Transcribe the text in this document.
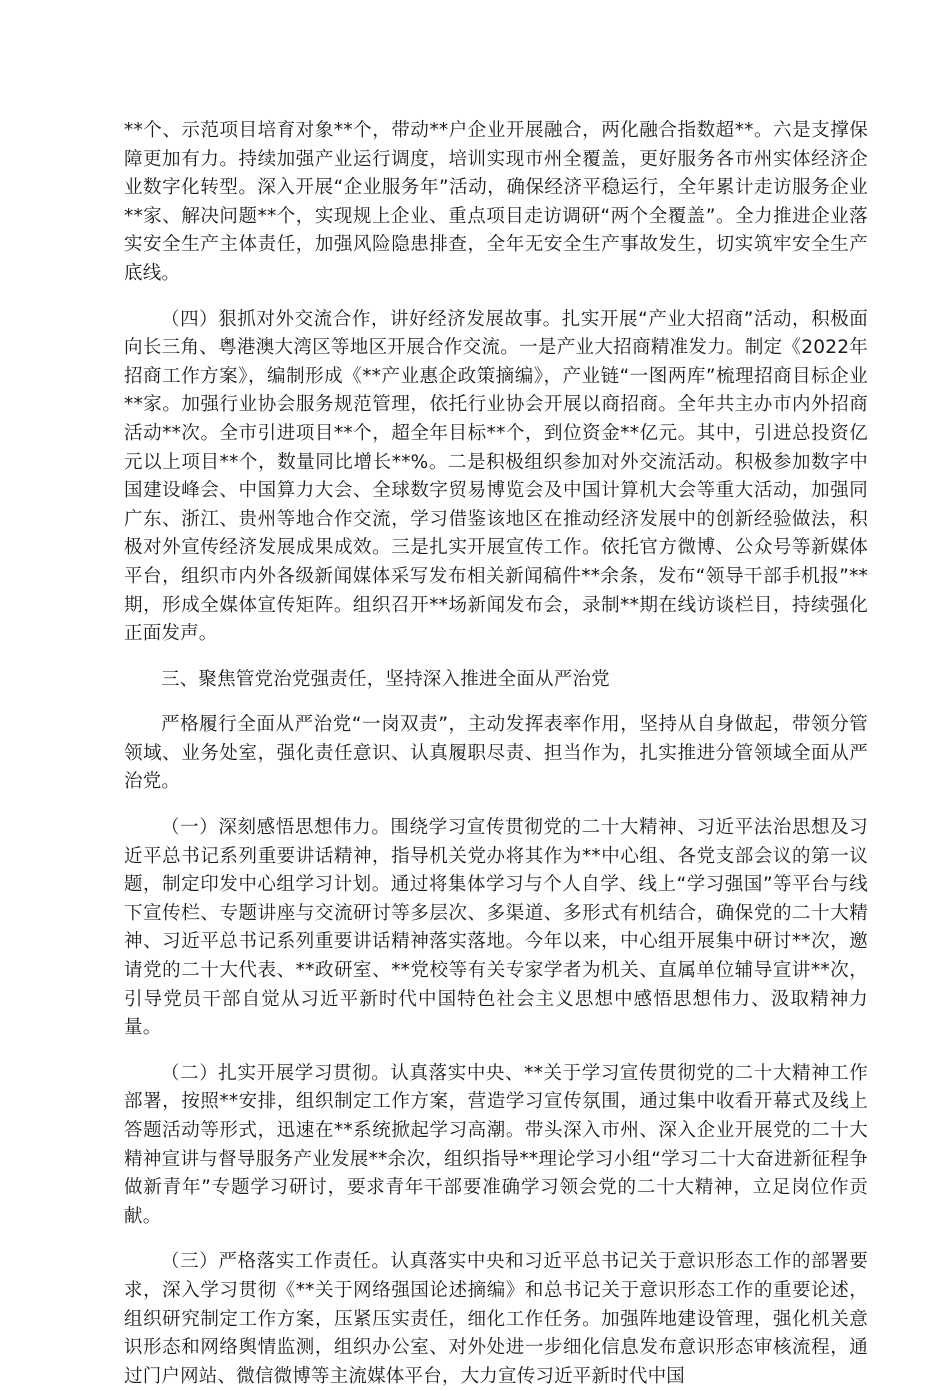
**个、示范项目培育对象**个，带动**户企业开展融合，两化融合指数超**。六是支撑保障更加有力。持续加强产业运行调度，培训实现市州全覆盖，更好服务各市州实体经济企业数字化转型。深入开展“企业服务年”活动，确保经济平稳运行，全年累计走访服务企业**家、解决问题**个，实现规上企业、重点项目走访调研“两个全覆盖”。全力推进企业落实安全生产主体责任，加强风险隐患排查，全年无安全生产事故发生，切实筑牢安全生产底线。

（四）狠抓对外交流合作，讲好经济发展故事。扎实开展“产业大招商”活动，积极面向长三角、粤港澳大湾区等地区开展合作交流。一是产业大招商精准发力。制定《2022年招商工作方案》，编制形成《**产业惠企政策摘编》，产业链“一图两库”梳理招商目标企业**家。加强行业协会服务规范管理，依托行业协会开展以商招商。全年共主办市内外招商活动**次。全市引进项目**个，超全年目标**个，到位资金**亿元。其中，引进总投资亿元以上项目**个，数量同比增长**%。二是积极组织参加对外交流活动。积极参加数字中国建设峰会、中国算力大会、全球数字贸易博览会及中国计算机大会等重大活动，加强同广东、浙江、贵州等地合作交流，学习借鉴该地区在推动经济发展中的创新经验做法，积极对外宣传经济发展成果成效。三是扎实开展宣传工作。依托官方微博、公众号等新媒体平台，组织市内外各级新闻媒体采写发布相关新闻稿件**余条，发布“领导干部手机报”**期，形成全媒体宣传矩阵。组织召开**场新闻发布会，录制**期在线访谈栏目，持续强化正面发声。

三、聚焦管党治党强责任，坚持深入推进全面从严治党

严格履行全面从严治党“一岗双责”，主动发挥表率作用，坚持从自身做起，带领分管领域、业务处室，强化责任意识、认真履职尽责、担当作为，扎实推进分管领域全面从严治党。

（一）深刻感悟思想伟力。围绕学习宣传贯彻党的二十大精神、习近平法治思想及习近平总书记系列重要讲话精神，指导机关党办将其作为**中心组、各党支部会议的第一议题，制定印发中心组学习计划。通过将集体学习与个人自学、线上“学习强国”等平台与线下宣传栏、专题讲座与交流研讨等多层次、多渠道、多形式有机结合，确保党的二十大精神、习近平总书记系列重要讲话精神落实落地。今年以来，中心组开展集中研讨**次，邀请党的二十大代表、**政研室、**党校等有关专家学者为机关、直属单位辅导宣讲**次，引导党员干部自觉从习近平新时代中国特色社会主义思想中感悟思想伟力、汲取精神力量。

（二）扎实开展学习贯彻。认真落实中央、**关于学习宣传贯彻党的二十大精神工作部署，按照**安排，组织制定工作方案，营造学习宣传氛围，通过集中收看开幕式及线上答题活动等形式，迅速在**系统掀起学习高潮。带头深入市州、深入企业开展党的二十大精神宣讲与督导服务产业发展**余次，组织指导**理论学习小组“学习二十大奋进新征程争做新青年”专题学习研讨，要求青年干部要准确学习领会党的二十大精神，立足岗位作贡献。

（三）严格落实工作责任。认真落实中央和习近平总书记关于意识形态工作的部署要求，深入学习贯彻《**关于网络强国论述摘编》和总书记关于意识形态工作的重要论述，组织研究制定工作方案，压紧压实责任，细化工作任务。加强阵地建设管理，强化机关意识形态和网络舆情监测，组织办公室、对外处进一步细化信息发布意识形态审核流程，通过门户网站、微信微博等主流媒体平台，大力宣传习近平新时代中国
